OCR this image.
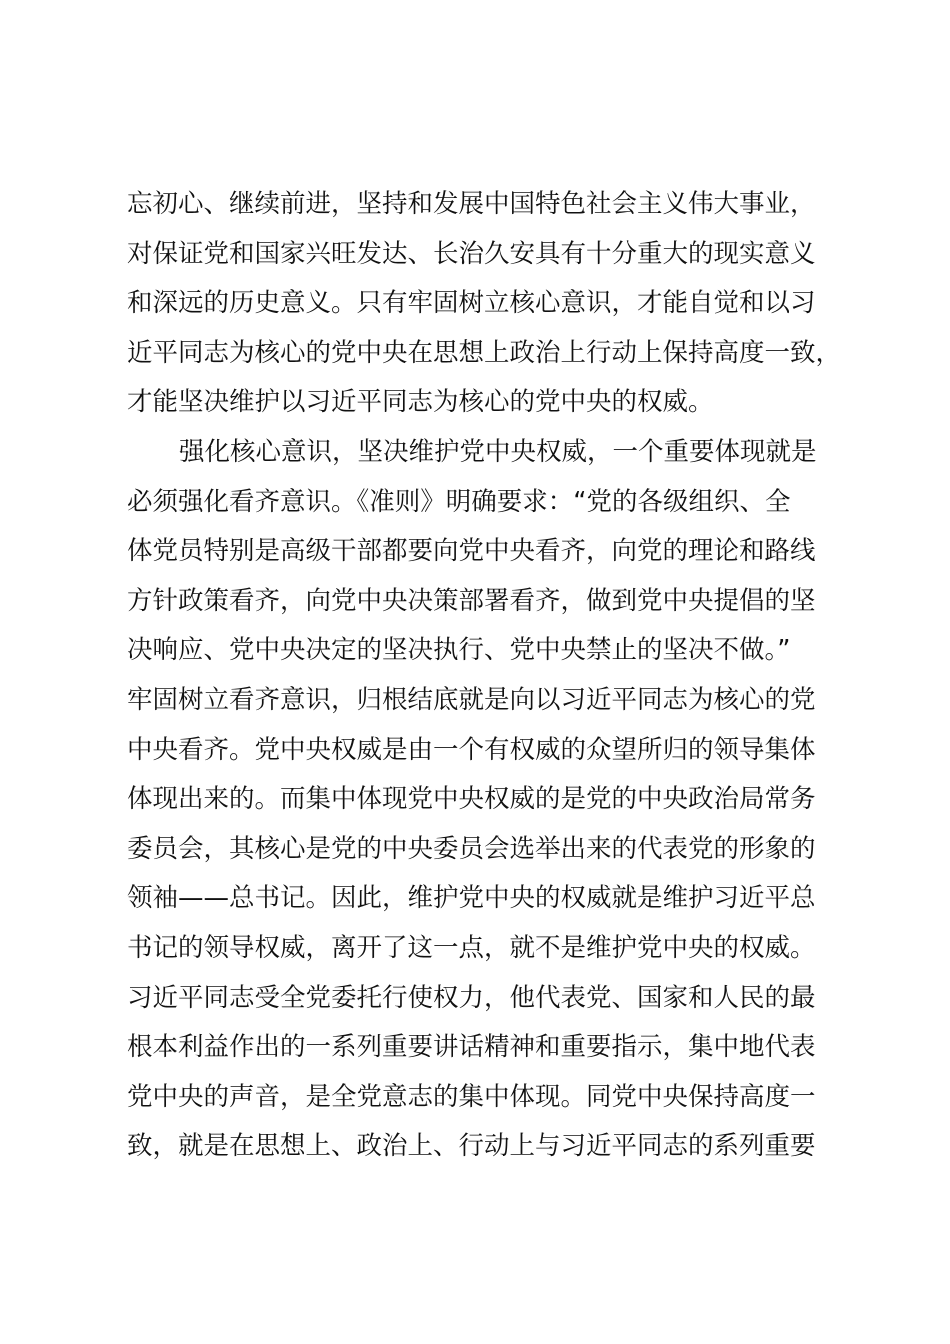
忘初心、继续前进，坚持和发展中国特色社会主义伟大事业，

对保证党和国家兴旺发达、长治久安具有十分重大的现实意义

和深远的历史意义。只有牢固树立核心意识，才能自觉和以习

近平同志为核心的党中央在思想上政治上行动上保持高度一致，

才能坚决维护以习近平同志为核心的党中央的权威。

强化核心意识，坚决维护党中央权威，一个重要体现就是

必须强化看齐意识。《准则》明确要求：“党的各级组织、全

体党员特别是高级干部都要向党中央看齐，向党的理论和路线

方针政策看齐，向党中央决策部署看齐，做到党中央提倡的坚

决响应、党中央决定的坚决执行、党中央禁止的坚决不做。”

牢固树立看齐意识，归根结底就是向以习近平同志为核心的党

中央看齐。党中央权威是由一个有权威的众望所归的领导集体

体现出来的。而集中体现党中央权威的是党的中央政治局常务

委员会，其核心是党的中央委员会选举出来的代表党的形象的

领袖——总书记。因此，维护党中央的权威就是维护习近平总

书记的领导权威，离开了这一点，就不是维护党中央的权威。

习近平同志受全党委托行使权力，他代表党、国家和人民的最

根本利益作出的一系列重要讲话精神和重要指示，集中地代表

党中央的声音，是全党意志的集中体现。同党中央保持高度一

致，就是在思想上、政治上、行动上与习近平同志的系列重要
